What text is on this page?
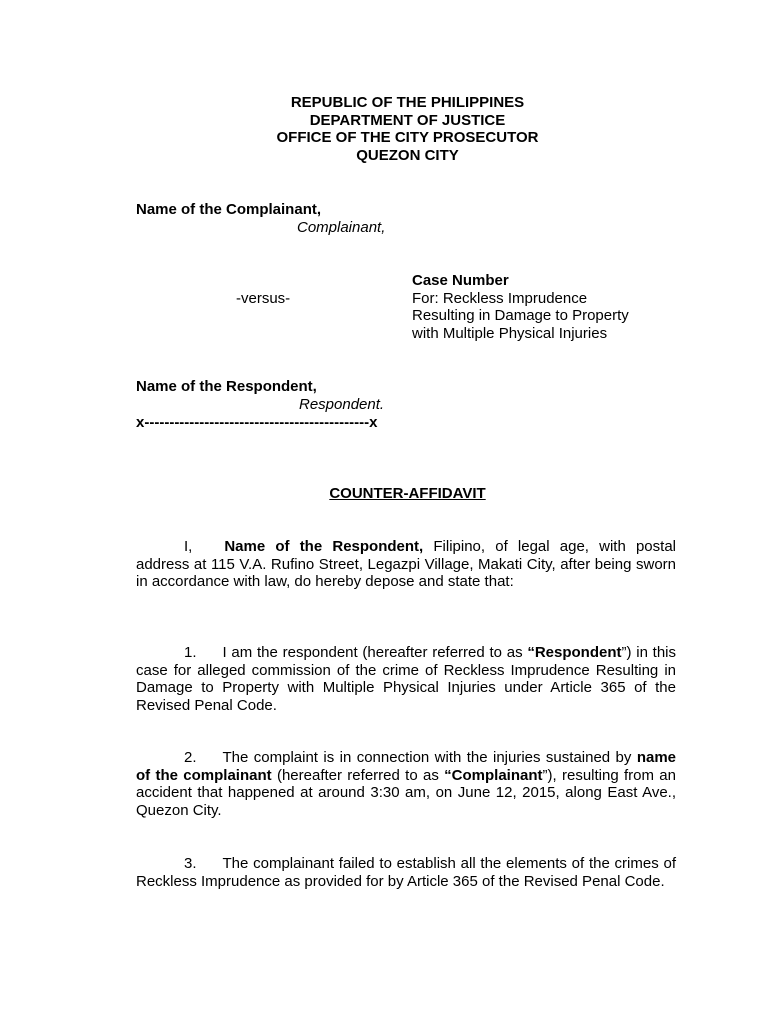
REPUBLIC OF THE PHILIPPINES
DEPARTMENT OF JUSTICE
OFFICE OF THE CITY PROSECUTOR
QUEZON CITY
Name of the Complainant,
Complainant,
Case Number
For: Reckless Imprudence
Resulting in Damage to Property
with Multiple Physical Injuries
-versus-
Name of the Respondent,
Respondent.
x---------------------------------------------x
COUNTER-AFFIDAVIT
I, Name of the Respondent, Filipino, of legal age, with postal address at 115 V.A. Rufino Street, Legazpi Village, Makati City, after being sworn in accordance with law, do hereby depose and state that:
1. I am the respondent (hereafter referred to as “Respondent”) in this case for alleged commission of the crime of Reckless Imprudence Resulting in Damage to Property with Multiple Physical Injuries under Article 365 of the Revised Penal Code.
2. The complaint is in connection with the injuries sustained by name of the complainant (hereafter referred to as “Complainant”), resulting from an accident that happened at around 3:30 am, on June 12, 2015, along East Ave., Quezon City.
3. The complainant failed to establish all the elements of the crimes of Reckless Imprudence as provided for by Article 365 of the Revised Penal Code.
